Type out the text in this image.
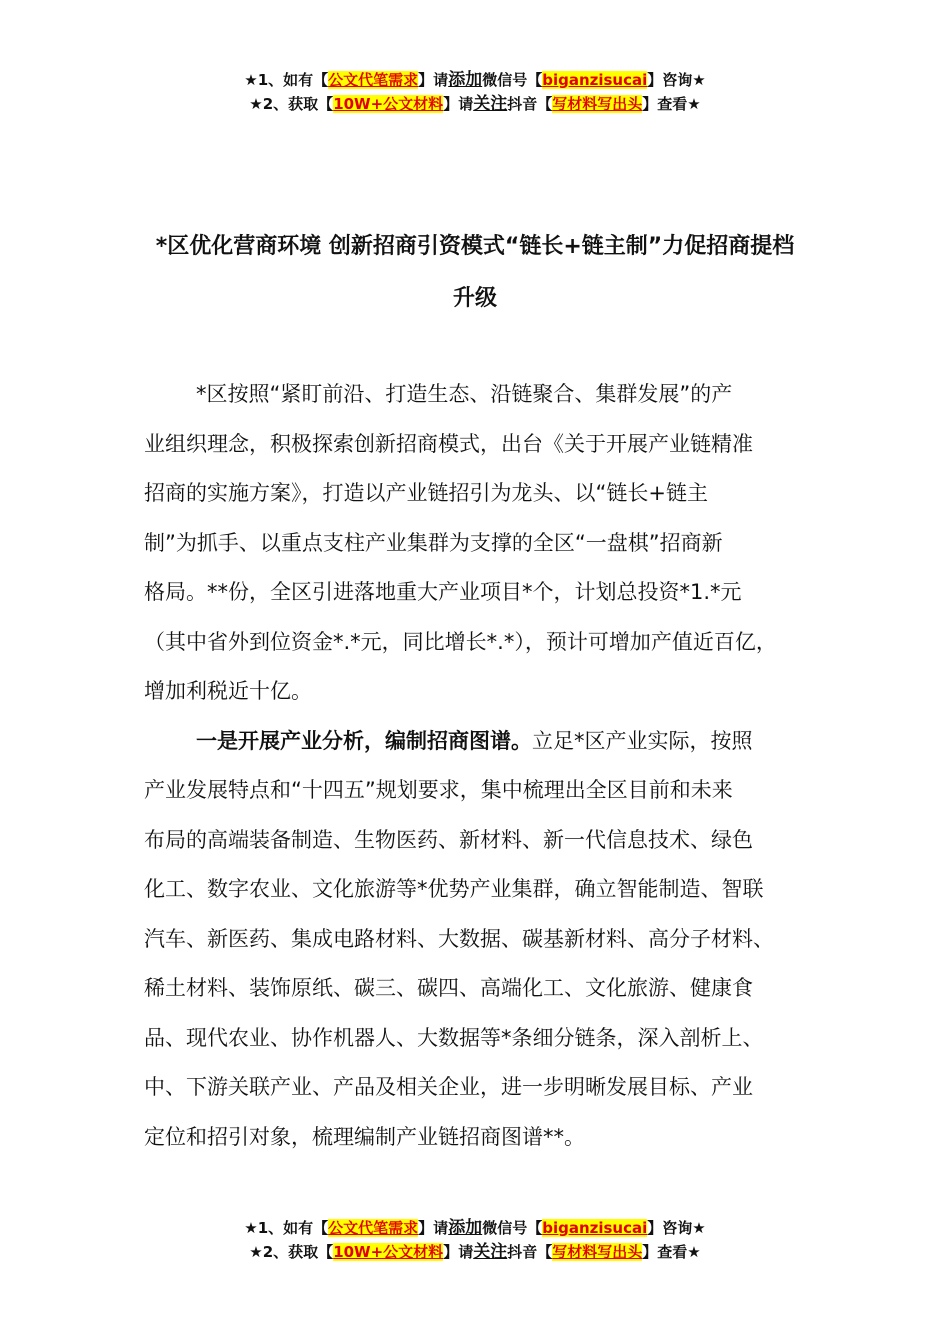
★1、如有【公文代笔需求】请添加微信号【biganzisucai】咨询★
★2、获取【10W+公文材料】请关注抖音【写材料写出头】查看★
*区优化营商环境 创新招商引资模式“链长+链主制”力促招商提档
升级
*区按照“紧盯前沿、打造生态、沿链聚合、集群发展”的产
业组织理念，积极探索创新招商模式，出台《关于开展产业链精准
招商的实施方案》，打造以产业链招引为龙头、以“链长+链主
制”为抓手、以重点支柱产业集群为支撑的全区“一盘棋”招商新
格局。**份，全区引进落地重大产业项目*个，计划总投资*1.*元
（其中省外到位资金*.*元，同比增长*.*），预计可增加产值近百亿，
增加利税近十亿。
一是开展产业分析，编制招商图谱。立足*区产业实际，按照
产业发展特点和“十四五”规划要求，集中梳理出全区目前和未来
布局的高端装备制造、生物医药、新材料、新一代信息技术、绿色
化工、数字农业、文化旅游等*优势产业集群，确立智能制造、智联
汽车、新医药、集成电路材料、大数据、碳基新材料、高分子材料、
稀土材料、装饰原纸、碳三、碳四、高端化工、文化旅游、健康食
品、现代农业、协作机器人、大数据等*条细分链条，深入剖析上、
中、下游关联产业、产品及相关企业，进一步明晰发展目标、产业
定位和招引对象，梳理编制产业链招商图谱**。
★1、如有【公文代笔需求】请添加微信号【biganzisucai】咨询★
★2、获取【10W+公文材料】请关注抖音【写材料写出头】查看★
